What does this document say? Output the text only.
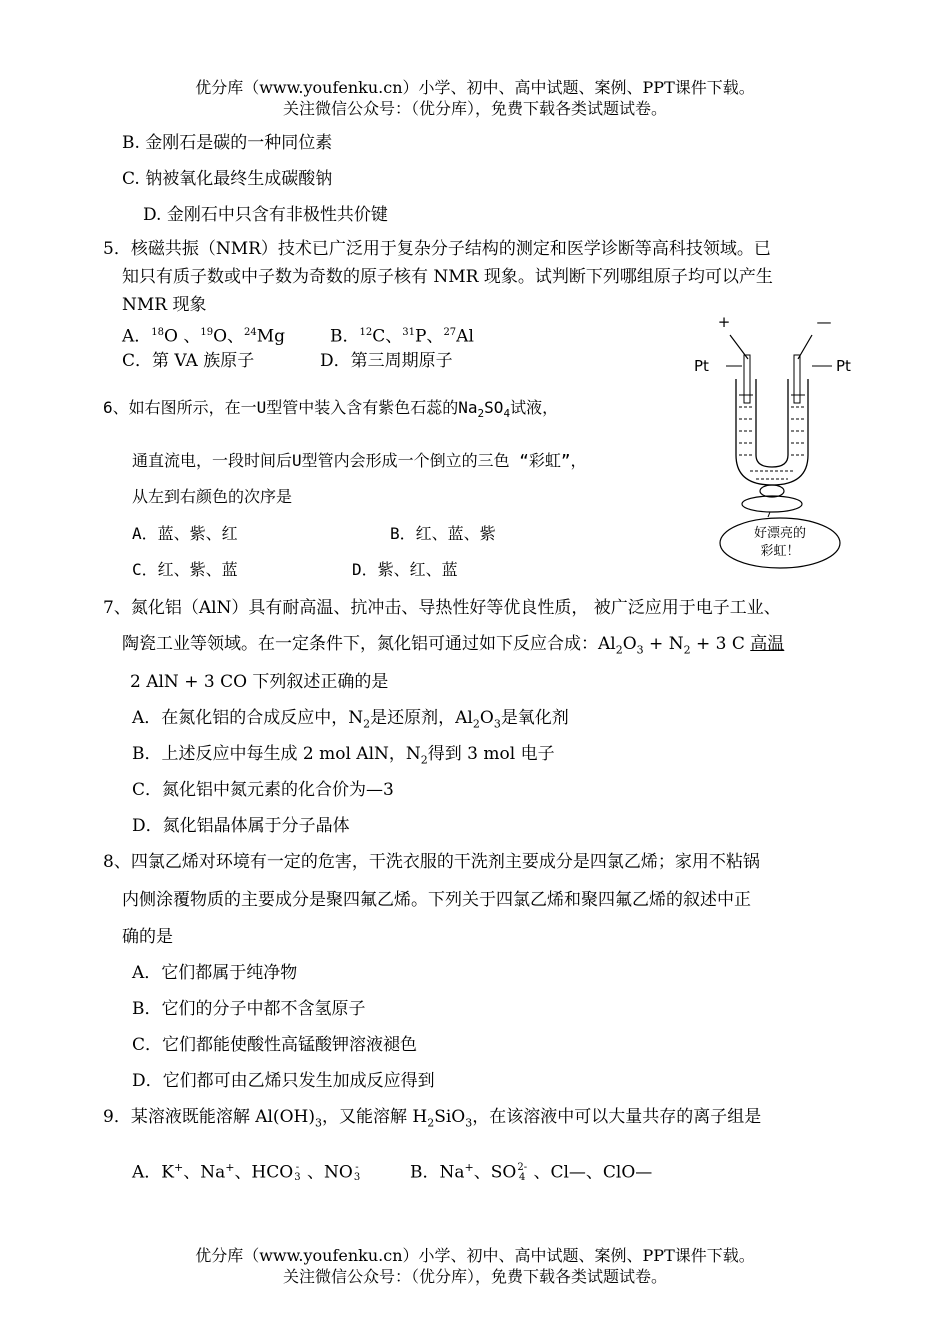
优分库（www.youfenku.cn）小学、初中、高中试题、案例、PPT课件下载。
关注微信公众号：（优分库），免费下载各类试题试卷。
B. 金刚石是碳的一种同位素
C. 钠被氧化最终生成碳酸钠
D. 金刚石中只含有非极性共价键
5．核磁共振（NMR）技术已广泛用于复杂分子结构的测定和医学诊断等高科技领域。已
知只有质子数或中子数为奇数的原子核有 NMR 现象。试判断下列哪组原子均可以产生
NMR 现象
A．$^{18}$O 、$^{19}$O、$^{24}$Mg	B．$^{12}$C、$^{31}$P、$^{27}$Al
C．第 VA 族原子	D．第三周期原子
6、如右图所示，在一U型管中装入含有紫色石蕊的$Na_2SO_4$试液，
通直流电，一段时间后U型管内会形成一个倒立的三色 “彩虹”，
从左到右颜色的次序是
A．蓝、紫、红	B．红、蓝、紫
C．红、紫、蓝	D．紫、红、蓝
+	—
Pt	Pt
好漂亮的
彩虹！
7、氮化铝（AlN）具有耐高温、抗冲击、导热性好等优良性质， 被广泛应用于电子工业、
陶瓷工业等领域。在一定条件下，氮化铝可通过如下反应合成：$Al_2O_3 + N_2 + 3$ C 高温
2 AlN + 3 CO 下列叙述正确的是
A．在氮化铝的合成反应中，$N_2$是还原剂，$Al_2O_3$是氧化剂
B．上述反应中每生成 2 mol AlN，$N_2$得到 3 mol 电子
C．氮化铝中氮元素的化合价为—3
D．氮化铝晶体属于分子晶体
8、四氯乙烯对环境有一定的危害，干洗衣服的干洗剂主要成分是四氯乙烯；家用不粘锅
内侧涂覆物质的主要成分是聚四氟乙烯。下列关于四氯乙烯和聚四氟乙烯的叙述中正
确的是
A．它们都属于纯净物
B．它们的分子中都不含氢原子
C．它们都能使酸性高锰酸钾溶液褪色
D．它们都可由乙烯只发生加成反应得到
9．某溶液既能溶解 $Al(OH)_3$，又能溶解 $H_2SiO_3$，在该溶液中可以大量共存的离子组是
A．K+、Na+、HCO -
3 、NO -
3	B．Na+、SO 2-
4 、Cl—、ClO—
优分库（www.youfenku.cn）小学、初中、高中试题、案例、PPT课件下载。
关注微信公众号：（优分库），免费下载各类试题试卷。
